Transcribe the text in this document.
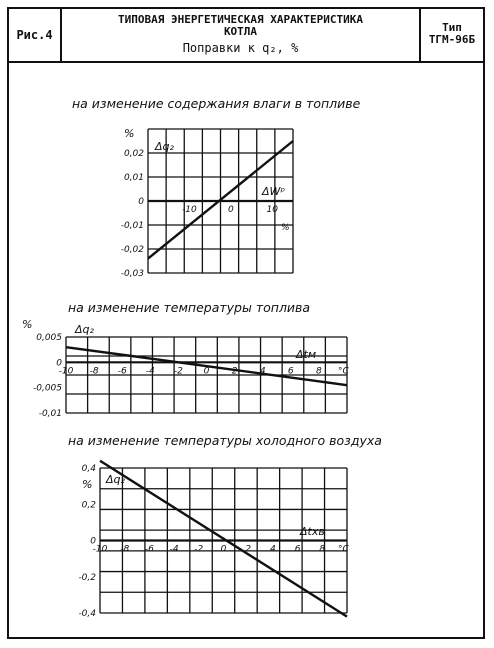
Рис.4
ТИПОВАЯ ЭНЕРГЕТИЧЕСКАЯ ХАРАКТЕРИСТИКА
КОТЛА
Поправки к q₂, %
Тип
ТГМ-96Б
на изменение содержания влаги в топливе
на изменение температуры топлива
на изменение температуры холодного воздуха
-10	0	10
0,02
0,01
0
-0,01
-0,02
-0,03
%
Δq₂
ΔWᵖ
%
-10 -8 -6 -4 -2 0 2 4 6 8
0,005
0
-0,005
-0,01
%	Δq₂
Δtм
°C
-10 -8 -6 -4 -2 0 2 4 6 8
0,4
0,2
0
-0,2
-0,4
% Δq₂
Δtхв
°C
